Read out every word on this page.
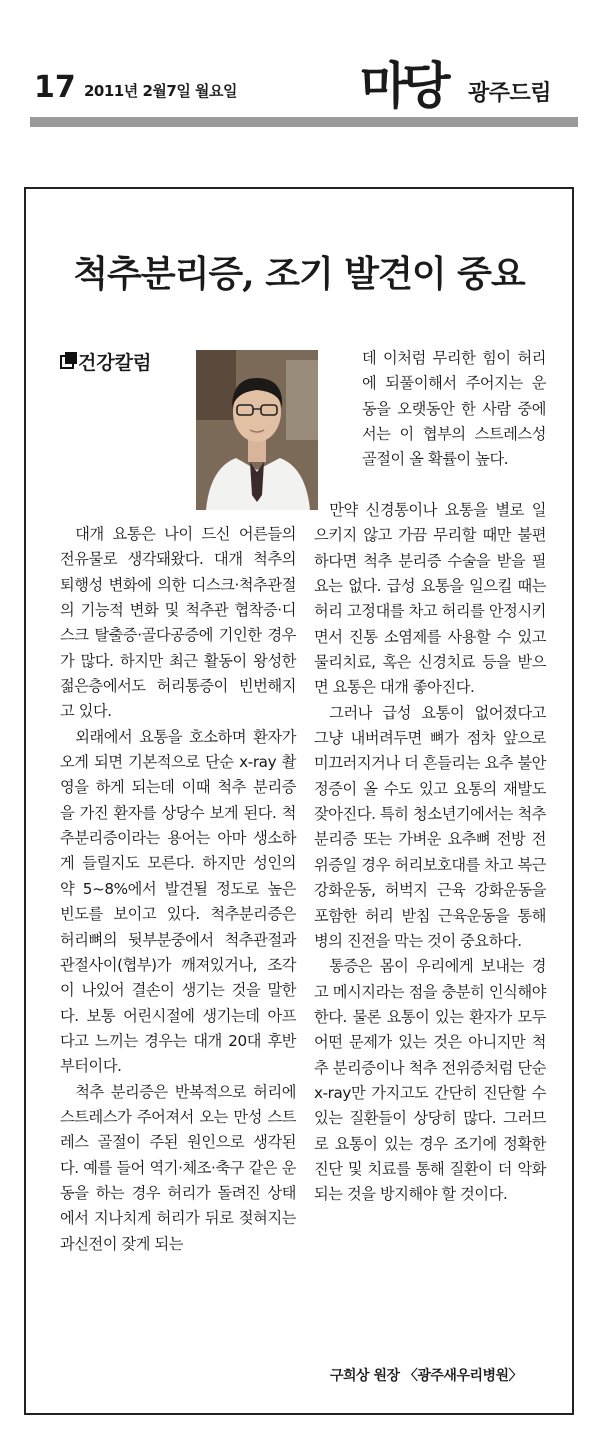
17 2011년 2월7일 월요일 마당 광주드림
척추분리증, 조기 발견이 중요
건강칼럼	데 이처럼 무리한 힘이 허리에 되풀이해서 주어지는 운동을 오랫동안 한 사람 중에서는 이 협부의 스트레스성 골절이 올 확률이 높다.

대개 요통은 나이 드신 어른들의 전유물로 생각돼왔다. 대개 척추의 퇴행성 변화에 의한 디스크·척추관절의 기능적 변화 및 척추관 협착증·디스크 탈출증·골다공증에 기인한 경우가 많다. 하지만 최근 활동이 왕성한 젊은층에서도 허리통증이 빈번해지고 있다.

외래에서 요통을 호소하며 환자가 오게 되면 기본적으로 단순 x-ray 촬영을 하게 되는데 이때 척추 분리증을 가진 환자를 상당수 보게 된다. 척추분리증이라는 용어는 아마 생소하게 들릴지도 모른다. 하지만 성인의 약 5~8%에서 발견될 정도로 높은 빈도를 보이고 있다. 척추분리증은 허리뼈의 뒷부분중에서 척추관절과 관절사이(협부)가 깨져있거나, 조각이 나있어 결손이 생기는 것을 말한다. 보통 어린시절에 생기는데 아프다고 느끼는 경우는 대개 20대 후반부터이다.

척추 분리증은 반복적으로 허리에 스트레스가 주어져서 오는 만성 스트레스 골절이 주된 원인으로 생각된다. 예를 들어 역기·체조·축구 같은 운동을 하는 경우 허리가 돌려진 상태에서 지나치게 허리가 뒤로 젖혀지는 과신전이 잦게 되는

만약 신경통이나 요통을 별로 일으키지 않고 가끔 무리할 때만 불편하다면 척추 분리증 수술을 받을 필요는 없다. 급성 요통을 일으킬 때는 허리 고정대를 차고 허리를 안정시키면서 진통 소염제를 사용할 수 있고 물리치료, 혹은 신경치료 등을 받으면 요통은 대개 좋아진다.

그러나 급성 요통이 없어졌다고 그냥 내버려두면 뼈가 점차 앞으로 미끄러지거나 더 흔들리는 요추 불안정증이 올 수도 있고 요통의 재발도 잦아진다. 특히 청소년기에서는 척추분리증 또는 가벼운 요추뼈 전방 전위증일 경우 허리보호대를 차고 복근 강화운동, 허벅지 근육 강화운동을 포함한 허리 받침 근육운동을 통해 병의 진전을 막는 것이 중요하다.

통증은 몸이 우리에게 보내는 경고 메시지라는 점을 충분히 인식해야 한다. 물론 요통이 있는 환자가 모두 어떤 문제가 있는 것은 아니지만 척추 분리증이나 척추 전위증처럼 단순 x-ray만 가지고도 간단히 진단할 수 있는 질환들이 상당히 많다. 그러므로 요통이 있는 경우 조기에 정확한 진단 및 치료를 통해 질환이 더 악화되는 것을 방지해야 할 것이다.

구희상 원장 〈광주새우리병원〉
